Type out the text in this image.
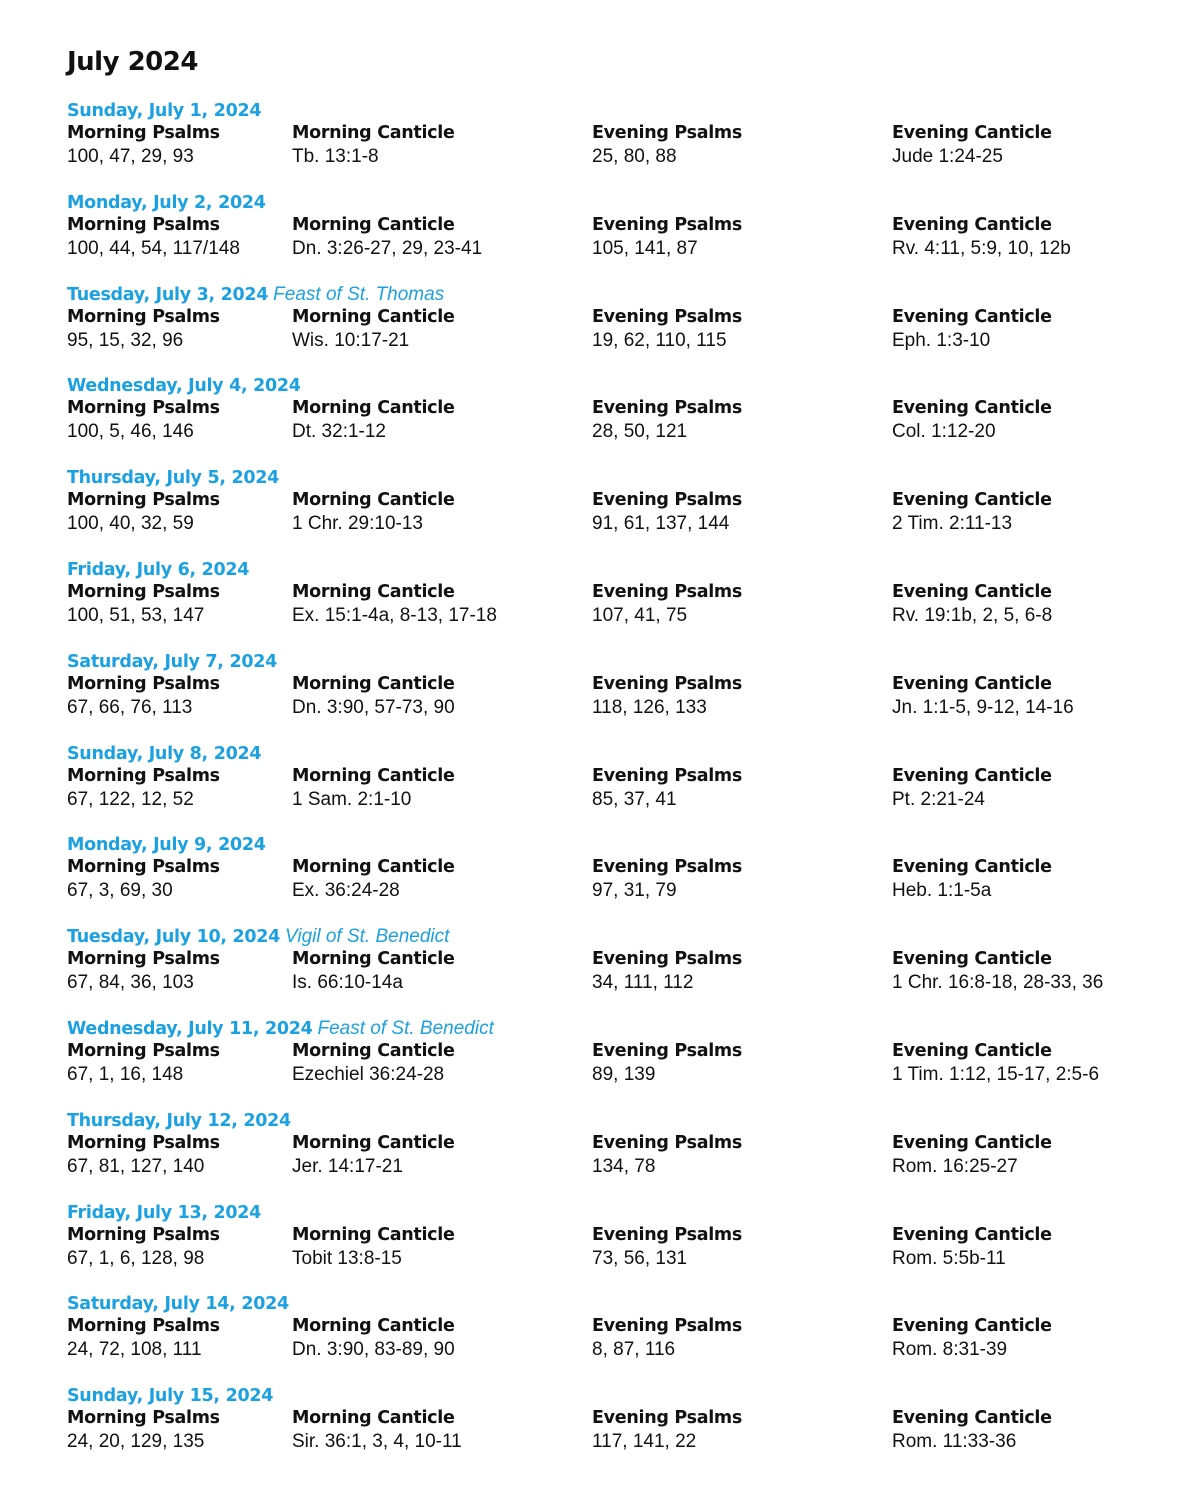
July 2024
Sunday, July 1, 2024
Morning Psalms	Morning Canticle	Evening Psalms	Evening Canticle
100, 47, 29, 93	Tb. 13:1-8	25, 80, 88	Jude 1:24-25
Monday, July 2, 2024
Morning Psalms	Morning Canticle	Evening Psalms	Evening Canticle
100, 44, 54, 117/148	Dn. 3:26-27, 29, 23-41	105, 141, 87	Rv. 4:11, 5:9, 10, 12b
Tuesday, July 3, 2024 Feast of St. Thomas
Morning Psalms	Morning Canticle	Evening Psalms	Evening Canticle
95, 15, 32, 96	Wis. 10:17-21	19, 62, 110, 115	Eph. 1:3-10
Wednesday, July 4, 2024
Morning Psalms	Morning Canticle	Evening Psalms	Evening Canticle
100, 5, 46, 146	Dt. 32:1-12	28, 50, 121	Col. 1:12-20
Thursday, July 5, 2024
Morning Psalms	Morning Canticle	Evening Psalms	Evening Canticle
100, 40, 32, 59	1 Chr. 29:10-13	91, 61, 137, 144	2 Tim. 2:11-13
Friday, July 6, 2024
Morning Psalms	Morning Canticle	Evening Psalms	Evening Canticle
100, 51, 53, 147	Ex. 15:1-4a, 8-13, 17-18	107, 41, 75	Rv. 19:1b, 2, 5, 6-8
Saturday, July 7, 2024
Morning Psalms	Morning Canticle	Evening Psalms	Evening Canticle
67, 66, 76, 113	Dn. 3:90, 57-73, 90	118, 126, 133	Jn. 1:1-5, 9-12, 14-16
Sunday, July 8, 2024
Morning Psalms	Morning Canticle	Evening Psalms	Evening Canticle
67, 122, 12, 52	1 Sam. 2:1-10	85, 37, 41	Pt. 2:21-24
Monday, July 9, 2024
Morning Psalms	Morning Canticle	Evening Psalms	Evening Canticle
67, 3, 69, 30	Ex. 36:24-28	97, 31, 79	Heb. 1:1-5a
Tuesday, July 10, 2024 Vigil of St. Benedict
Morning Psalms	Morning Canticle	Evening Psalms	Evening Canticle
67, 84, 36, 103	Is. 66:10-14a	34, 111, 112	1 Chr. 16:8-18, 28-33, 36
Wednesday, July 11, 2024 Feast of St. Benedict
Morning Psalms	Morning Canticle	Evening Psalms	Evening Canticle
67, 1, 16, 148	Ezechiel 36:24-28	89, 139	1 Tim. 1:12, 15-17, 2:5-6
Thursday, July 12, 2024
Morning Psalms	Morning Canticle	Evening Psalms	Evening Canticle
67, 81, 127, 140	Jer. 14:17-21	134, 78	Rom. 16:25-27
Friday, July 13, 2024
Morning Psalms	Morning Canticle	Evening Psalms	Evening Canticle
67, 1, 6, 128, 98	Tobit 13:8-15	73, 56, 131	Rom. 5:5b-11
Saturday, July 14, 2024
Morning Psalms	Morning Canticle	Evening Psalms	Evening Canticle
24, 72, 108, 111	Dn. 3:90, 83-89, 90	8, 87, 116	Rom. 8:31-39
Sunday, July 15, 2024
Morning Psalms	Morning Canticle	Evening Psalms	Evening Canticle
24, 20, 129, 135	Sir. 36:1, 3, 4, 10-11	117, 141, 22	Rom. 11:33-36
